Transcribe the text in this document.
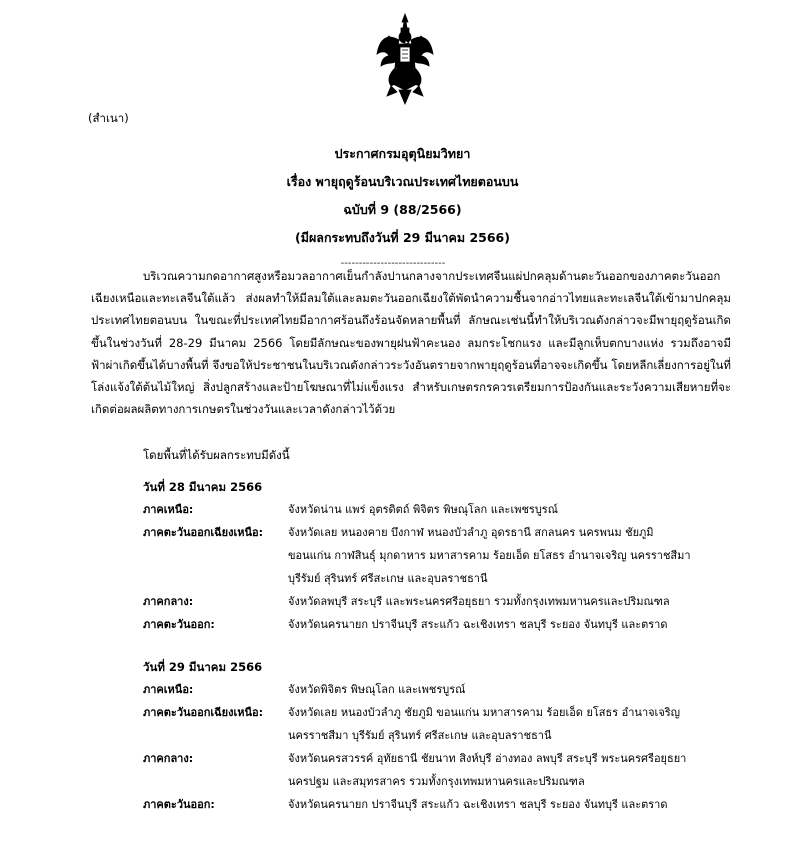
(สำเนา)
ประกาศกรมอุตุนิยมวิทยา
เรื่อง พายุฤดูร้อนบริเวณประเทศไทยตอนบน
ฉบับที่ 9 (88/2566)
(มีผลกระทบถึงวันที่ 29 มีนาคม 2566)
-----------------------------
บริเวณความกดอากาศสูงหรือมวลอากาศเย็นกำลังปานกลางจากประเทศจีนแผ่ปกคลุมด้านตะวันออกของภาคตะวันออกเฉียงเหนือและทะเลจีนใต้แล้ว ส่งผลทำให้มีลมใต้และลมตะวันออกเฉียงใต้พัดนำความชื้นจากอ่าวไทยและทะเลจีนใต้เข้ามาปกคลุมประเทศไทยตอนบน ในขณะที่ประเทศไทยมีอากาศร้อนถึงร้อนจัดหลายพื้นที่ ลักษณะเช่นนี้ทำให้บริเวณดังกล่าวจะมีพายุฤดูร้อนเกิดขึ้นในช่วงวันที่ 28-29 มีนาคม 2566 โดยมีลักษณะของพายุฝนฟ้าคะนอง ลมกระโชกแรง และมีลูกเห็บตกบางแห่ง รวมถึงอาจมีฟ้าผ่าเกิดขึ้นได้บางพื้นที่ จึงขอให้ประชาชนในบริเวณดังกล่าวระวังอันตรายจากพายุฤดูร้อนที่อาจจะเกิดขึ้น โดยหลีกเลี่ยงการอยู่ในที่โล่งแจ้งใต้ต้นไม้ใหญ่ สิ่งปลูกสร้างและป้ายโฆษณาที่ไม่แข็งแรง สำหรับเกษตรกรควรเตรียมการป้องกันและระวังความเสียหายที่จะเกิดต่อผลผลิตทางการเกษตรในช่วงวันและเวลาดังกล่าวไว้ด้วย
โดยพื้นที่ได้รับผลกระทบมีดังนี้
วันที่ 28 มีนาคม 2566
ภาคเหนือ:	จังหวัดน่าน แพร่ อุตรดิตถ์ พิจิตร พิษณุโลก และเพชรบูรณ์
ภาคตะวันออกเฉียงเหนือ:	จังหวัดเลย หนองคาย บึงกาฬ หนองบัวลำภู อุดรธานี สกลนคร นครพนม ชัยภูมิ
ขอนแก่น กาฬสินธุ์ มุกดาหาร มหาสารคาม ร้อยเอ็ด ยโสธร อำนาจเจริญ นครราชสีมา
บุรีรัมย์ สุรินทร์ ศรีสะเกษ และอุบลราชธานี
ภาคกลาง:	จังหวัดลพบุรี สระบุรี และพระนครศรีอยุธยา รวมทั้งกรุงเทพมหานครและปริมณฑล
ภาคตะวันออก:	จังหวัดนครนายก ปราจีนบุรี สระแก้ว ฉะเชิงเทรา ชลบุรี ระยอง จันทบุรี และตราด
วันที่ 29 มีนาคม 2566
ภาคเหนือ:	จังหวัดพิจิตร พิษณุโลก และเพชรบูรณ์
ภาคตะวันออกเฉียงเหนือ:	จังหวัดเลย หนองบัวลำภู ชัยภูมิ ขอนแก่น มหาสารคาม ร้อยเอ็ด ยโสธร อำนาจเจริญ
นครราชสีมา บุรีรัมย์ สุรินทร์ ศรีสะเกษ และอุบลราชธานี
ภาคกลาง:	จังหวัดนครสวรรค์ อุทัยธานี ชัยนาท สิงห์บุรี อ่างทอง ลพบุรี สระบุรี พระนครศรีอยุธยา
นครปฐม และสมุทรสาคร รวมทั้งกรุงเทพมหานครและปริมณฑล
ภาคตะวันออก:	จังหวัดนครนายก ปราจีนบุรี สระแก้ว ฉะเชิงเทรา ชลบุรี ระยอง จันทบุรี และตราด
